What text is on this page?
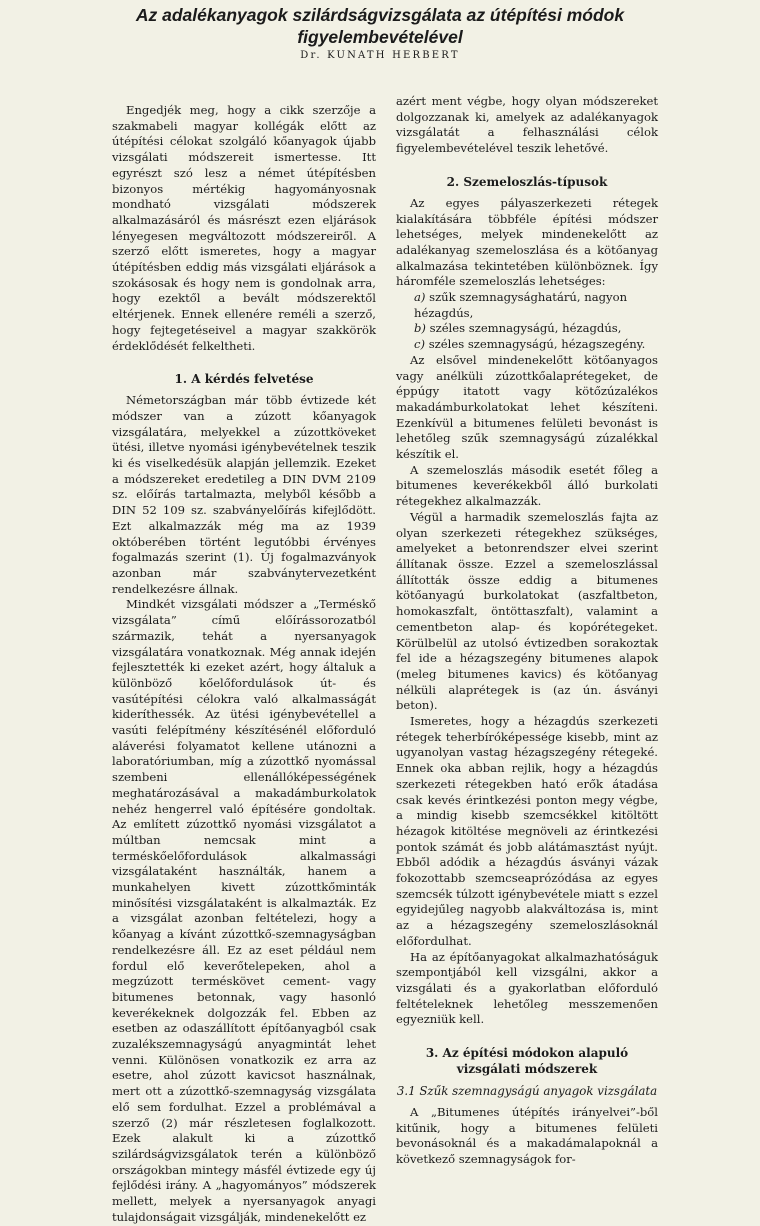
Az adalékanyagok szilárdságvizsgálata az útépítési módok

figyelembevételével

Dr. KUNATH HERBERT

Engedjék meg, hogy a cikk szerzője a szakmabeli magyar kollégák előtt az útépítési célokat szolgáló kőanyagok újabb vizsgálati módszereit ismertesse. Itt egyrészt szó lesz a német útépítésben bizonyos mértékig hagyományosnak mondható vizsgálati módszerek alkalmazásáról és másrészt ezen eljárások lényegesen megváltozott módszereiről. A szerző előtt ismeretes, hogy a magyar útépítésben eddig más vizsgálati eljárások a szokásosak és hogy nem is gondolnak arra, hogy ezektől a bevált módszerektől eltérjenek. Ennek ellenére reméli a szerző, hogy fejtegetéseivel a magyar szakkörök érdeklődését felkeltheti.

1. A kérdés felvetése

Németországban már több évtizede két módszer van a zúzott kőanyagok vizsgálatára, melyekkel a zúzottköveket ütési, illetve nyomási igénybevételnek teszik ki és viselkedésük alapján jellemzik. Ezeket a módszereket eredetileg a DIN DVM 2109 sz. előírás tartalmazta, melyből később a DIN 52 109 sz. szabványelőírás kifejlődött. Ezt alkalmazzák még ma az 1939 októberében történt legutóbbi érvényes fogalmazás szerint (1). Új fogalmazványok azonban már szabványtervezetként rendelkezésre állnak.

Mindkét vizsgálati módszer a „Terméskő vizsgálata” című előírássorozatból származik, tehát a nyersanyagok vizsgálatára vonatkoznak. Még annak idején fejlesztették ki ezeket azért, hogy általuk a különböző kőelőfordulások út- és vasútépítési célokra való alkalmasságát kideríthessék. Az ütési igénybevétellel a vasúti felépítmény készítésénél előforduló aláverési folyamatot kellene utánozni a laboratóriumban, míg a zúzottkő nyomással szembeni ellenállóképességének meghatározásával a makadámburkolatok nehéz hengerrel való építésére gondoltak. Az említett zúzottkő nyomási vizsgálatot a múltban nemcsak mint a terméskőelőfordulások alkalmassági vizsgálataként használták, hanem a munkahelyen kivett zúzottkőminták minősítési vizsgálataként is alkalmazták. Ez a vizsgálat azonban feltételezi, hogy a kőanyag a kívánt zúzottkő-szemnagyságban rendelkezésre áll. Ez az eset például nem fordul elő keverőtelepeken, ahol a megzúzott terméskövet cement- vagy bitumenes betonnak, vagy hasonló keverékeknek dolgozzák fel. Ebben az esetben az odaszállított építőanyagból csak zuzalékszemnagyságú anyagmintát lehet venni. Különösen vonatkozik ez arra az esetre, ahol zúzott kavicsot használnak, mert ott a zúzottkő-szemnagyság vizsgálata elő sem fordulhat. Ezzel a problémával a szerző (2) már részletesen foglalkozott. Ezek alakult ki a zúzottkő szilárdságvizsgálatok terén a különböző országokban mintegy másfél évtizede egy új fejlődési irány. A „hagyományos” módszerek mellett, melyek a nyersanyagok anyagi tulajdonságait vizsgálják, mindenekelőtt ez

azért ment végbe, hogy olyan módszereket dolgozzanak ki, amelyek az adalékanyagok vizsgálatát a felhasználási célok figyelembevételével teszik lehetővé.

2. Szemeloszlás-típusok

Az egyes pályaszerkezeti rétegek kialakítására többféle építési módszer lehetséges, melyek mindenekelőtt az adalékanyag szemeloszlása és a kötőanyag alkalmazása tekintetében különböznek. Így háromféle szemeloszlás lehetséges:

a) szűk szemnagysághatárú, nagyon hézagdús,
b) széles szemnagyságú, hézagdús,
c) széles szemnagyságú, hézagszegény.

Az elsővel mindenekelőtt kötőanyagos vagy anélküli zúzottkőalaprétegeket, de éppúgy itatott vagy kötőzúzalékos makadámburkolatokat lehet készíteni. Ezenkívül a bitumenes felületi bevonást is lehetőleg szűk szemnagyságú zúzalékkal készítik el.

A szemeloszlás második esetét főleg a bitumenes keverékekből álló burkolati rétegekhez alkalmazzák.

Végül a harmadik szemeloszlás fajta az olyan szerkezeti rétegekhez szükséges, amelyeket a betonrendszer elvei szerint állítanak össze. Ezzel a szemeloszlással állították össze eddig a bitumenes kötőanyagú burkolatokat (aszfaltbeton, homokaszfalt, öntöttaszfalt), valamint a cementbeton alap- és kopórétegeket. Körülbelül az utolsó évtizedben sorakoztak fel ide a hézagszegény bitumenes alapok (meleg bitumenes kavics) és kötőanyag nélküli alaprétegek is (az ún. ásványi beton).

Ismeretes, hogy a hézagdús szerkezeti rétegek teherbíróképessége kisebb, mint az ugyanolyan vastag hézagszegény rétegeké. Ennek oka abban rejlik, hogy a hézagdús szerkezeti rétegekben ható erők átadása csak kevés érintkezési ponton megy végbe, a mindig kisebb szemcsékkel kitöltött hézagok kitöltése megnöveli az érintkezési pontok számát és jobb alátámasztást nyújt. Ebből adódik a hézagdús ásványi vázak fokozottabb szemcseaprózódása az egyes szemcsék túlzott igénybevétele miatt s ezzel egyidejűleg nagyobb alakváltozása is, mint az a hézagszegény szemeloszlásoknál előfordulhat.

Ha az építőanyagokat alkalmazhatóságuk szempontjából kell vizsgálni, akkor a vizsgálati és a gyakorlatban előforduló feltételeknek lehetőleg messzemenően egyezniük kell.

3. Az építési módokon alapuló
vizsgálati módszerek
3.1 Szűk szemnagyságú anyagok vizsgálata

A „Bitumenes útépítés irányelvei”-ből kitűnik, hogy a bitumenes felületi bevonásoknál és a makadámalapoknál a következő szemnagyságok for-
